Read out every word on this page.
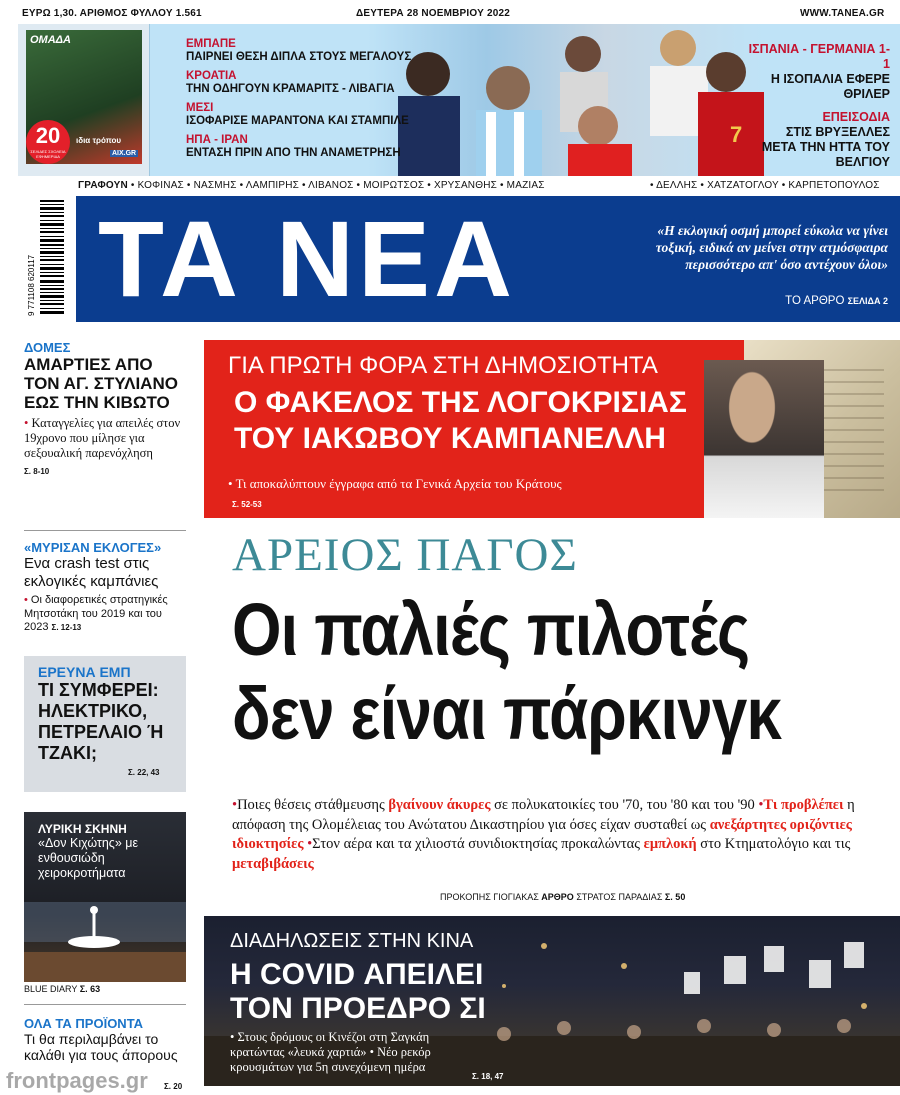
ΕΥΡΩ 1,30. ΑΡΙΘΜΟΣ ΦΥΛΛΟΥ 1.561	ΔΕΥΤΕΡΑ 28 ΝΟΕΜΒΡΙΟΥ 2022	WWW.TANEA.GR
ΟΜΑΔΑ
20
ΣΕΛΙΔΕΣ ΣΧΟΛΕΙΑ ΕΦΗΜΕΡΙΔΑ
ιδια τρόπου
ΑΙΧ.GR
7
ΕΜΠΑΠΕ
ΠΑΙΡΝΕΙ ΘΕΣΗ ΔΙΠΛΑ ΣΤΟΥΣ ΜΕΓΑΛΟΥΣ
ΚΡΟΑΤΙΑ
ΤΗΝ ΟΔΗΓΟΥΝ ΚΡΑΜΑΡΙΤΣ - ΛΙΒΑΓΙΑ
ΜΕΣΙ
ΙΣΟΦΑΡΙΣΕ ΜΑΡΑΝΤΟΝΑ ΚΑΙ ΣΤΑΜΠΙΛΕ
ΗΠΑ - ΙΡΑΝ
ΕΝΤΑΣΗ ΠΡΙΝ ΑΠΟ ΤΗΝ ΑΝΑΜΕΤΡΗΣΗ
ΙΣΠΑΝΙΑ - ΓΕΡΜΑΝΙΑ 1-1
Η ΙΣΟΠΑΛΙΑ ΕΦΕΡΕ ΘΡΙΛΕΡ
ΕΠΕΙΣΟΔΙΑ
ΣΤΙΣ ΒΡΥΞΕΛΛΕΣ ΜΕΤΑ ΤΗΝ ΗΤΤΑ ΤΟΥ ΒΕΛΓΙΟΥ
ΓΡΑΦΟΥΝ • ΚΟΦΙΝΑΣ • ΝΑΣΜΗΣ • ΛΑΜΠΙΡΗΣ • ΛΙΒΑΝΟΣ • ΜΟΙΡΩΤΣΟΣ • ΧΡΥΣΑΝΘΗΣ • ΜΑΖΙΑΣ	• ΔΕΛΛΗΣ • ΧΑΤΖΑΤΟΓΛΟΥ • ΚΑΡΠΕΤΟΠΟΥΛΟΣ
9 771108 620117 ΤΑ ΝΕΑ	«Η εκλογική οσμή μπορεί εύκολα να γίνει τοξική, ειδικά αν μείνει στην ατμόσφαιρα περισσότερο απ' όσο αντέχουν όλοι»
ΤΟ ΑΡΘΡΟ ΣΕΛΙΔΑ 2
ΔΟΜΕΣ
ΑΜΑΡΤΙΕΣ ΑΠΟ ΤΟΝ ΑΓ. ΣΤΥΛΙΑΝΟ ΕΩΣ ΤΗΝ ΚΙΒΩΤΟ
• Καταγγελίες για απειλές στον 19χρονο που μίλησε για σεξουαλική παρενόχληση
Σ. 8-10
«ΜΥΡΙΣΑΝ ΕΚΛΟΓΕΣ»
Ενα crash test στις εκλογικές καμπάνιες
• Οι διαφορετικές στρατηγικές Μητσοτάκη του 2019 και του 2023 Σ. 12-13
ΕΡΕΥΝΑ ΕΜΠ
ΤΙ ΣΥΜΦΕΡΕΙ: ΗΛΕΚΤΡΙΚΟ, ΠΕΤΡΕΛΑΙΟ Ή ΤΖΑΚΙ;
Σ. 22, 43
ΛΥΡΙΚΗ ΣΚΗΝΗ
«Δον Κιχώτης» με ενθουσιώδη χειροκροτήματα
BLUE DIARY Σ. 63
ΟΛΑ ΤΑ ΠΡΟΪΟΝΤΑ
Τι θα περιλαμβάνει το καλάθι για τους άπορους
Σ. 20
ΓΙΑ ΠΡΩΤΗ ΦΟΡΑ ΣΤΗ ΔΗΜΟΣΙΟΤΗΤΑ
Ο ΦΑΚΕΛΟΣ ΤΗΣ ΛΟΓΟΚΡΙΣΙΑΣ
ΤΟΥ ΙΑΚΩΒΟΥ ΚΑΜΠΑΝΕΛΛΗ
• Τι αποκαλύπτουν έγγραφα από τα Γενικά Αρχεία του Κράτους
Σ. 52-53
ΑΡΕΙΟΣ ΠΑΓΟΣ
Οι παλιές πιλοτές
δεν είναι πάρκινγκ
•Ποιες θέσεις στάθμευσης βγαίνουν άκυρες σε πολυκατοικίες του '70, του '80 και του '90 •Τι προβλέπει η απόφαση της Ολομέλειας του Ανώτατου Δικαστηρίου για όσες είχαν συσταθεί ως ανεξάρτητες οριζόντιες ιδιοκτησίες •Στον αέρα και τα χιλιοστά συνιδιοκτησίας προκαλώντας εμπλοκή στο Κτηματολόγιο και τις μεταβιβάσεις
ΠΡΟΚΟΠΗΣ ΓΙΟΓΙΑΚΑΣ ΑΡΘΡΟ ΣΤΡΑΤΟΣ ΠΑΡΑΔΙΑΣ Σ. 50
ΔΙΑΔΗΛΩΣΕΙΣ ΣΤΗΝ ΚΙΝΑ
Η COVID ΑΠΕΙΛΕΙ
ΤΟΝ ΠΡΟΕΔΡΟ ΣΙ
• Στους δρόμους οι Κινέζοι στη Σαγκάη κρατώντας «λευκά χαρτιά» • Νέο ρεκόρ κρουσμάτων για 5η συνεχόμενη ημέρα
Σ. 18, 47
frontpages.gr
